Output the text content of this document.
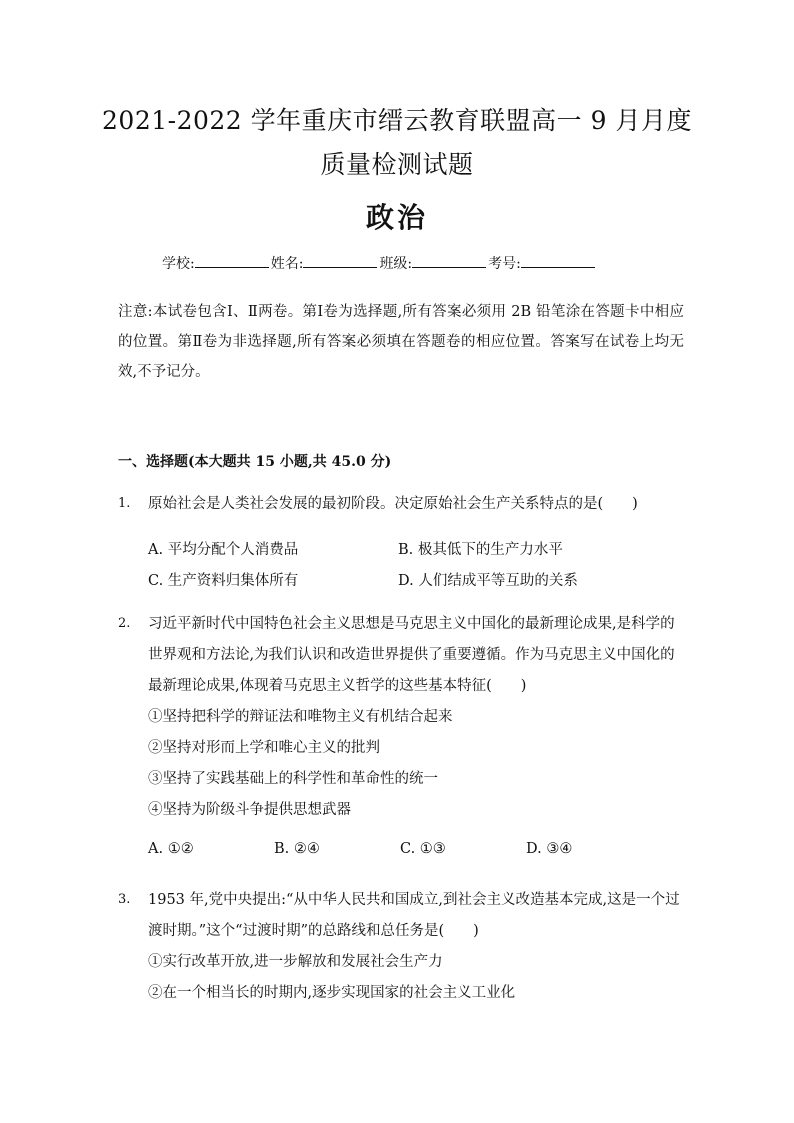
2021-2022 学年重庆市缙云教育联盟高一 9 月月度
质量检测试题
政治
学校:	姓名:	班级:	考号:
注意:本试卷包含Ⅰ、Ⅱ两卷。第Ⅰ卷为选择题,所有答案必须用 2B 铅笔涂在答题卡中相应的位置。第Ⅱ卷为非选择题,所有答案必须填在答题卷的相应位置。答案写在试卷上均无效,不予记分。
一、选择题(本大题共 15 小题,共 45.0 分)
1.	原始社会是人类社会发展的最初阶段。决定原始社会生产关系特点的是(　　)
A. 平均分配个人消费品	B. 极其低下的生产力水平
C. 生产资料归集体所有	D. 人们结成平等互助的关系
2.	习近平新时代中国特色社会主义思想是马克思主义中国化的最新理论成果,是科学的世界观和方法论,为我们认识和改造世界提供了重要遵循。作为马克思主义中国化的最新理论成果,体现着马克思主义哲学的这些基本特征(　　)
①坚持把科学的辩证法和唯物主义有机结合起来
②坚持对形而上学和唯心主义的批判
③坚持了实践基础上的科学性和革命性的统一
④坚持为阶级斗争提供思想武器
A. ①②	B. ②④	C. ①③	D. ③④
3.	1953 年,党中央提出:“从中华人民共和国成立,到社会主义改造基本完成,这是一个过渡时期。”这个“过渡时期”的总路线和总任务是(　　)
①实行改革开放,进一步解放和发展社会生产力
②在一个相当长的时期内,逐步实现国家的社会主义工业化
